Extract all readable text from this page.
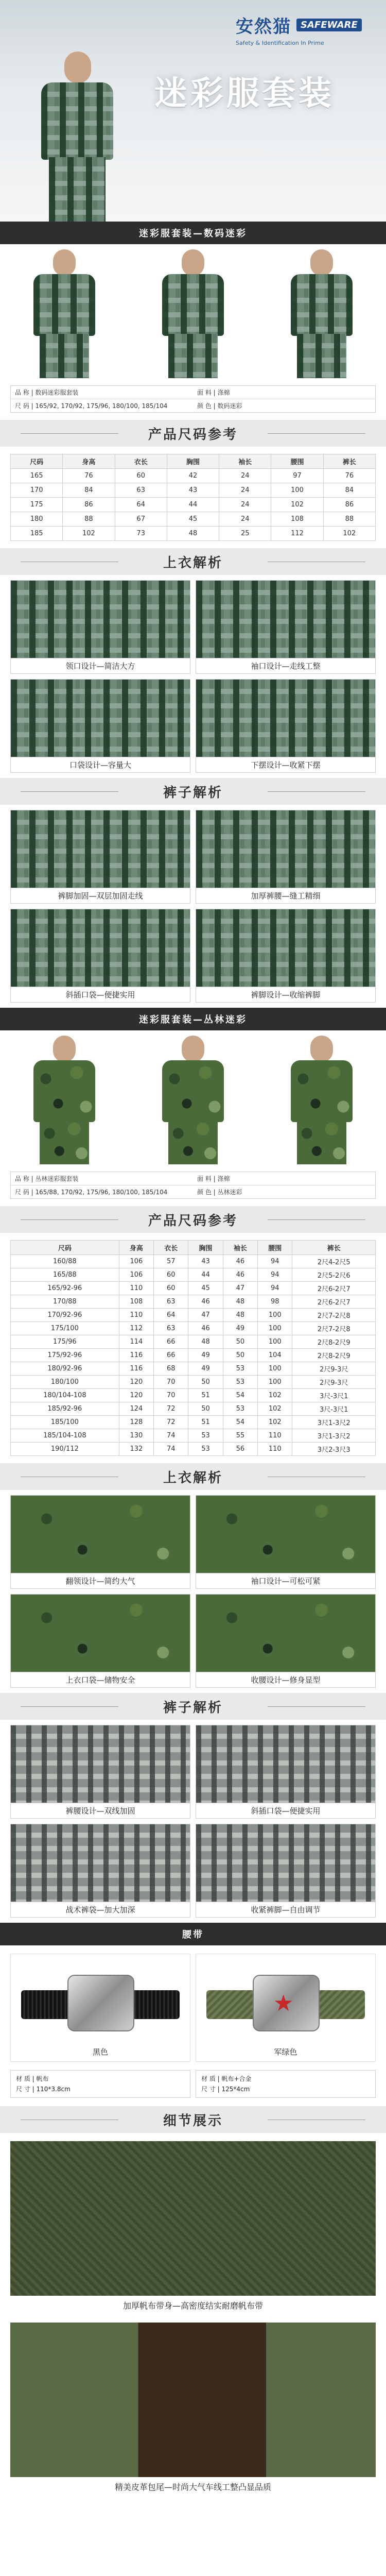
安然猫	SAFEWARE
Safety & Identification In Prime
迷彩服套装
迷彩服套装—数码迷彩
品 称 | 数码迷彩服套装	面 料 | 涤棉
尺 码 | 165/92, 170/92, 175/96, 180/100, 185/104	颜 色 | 数码迷彩
产品尺码参考
尺码	身高	衣长	胸围	袖长	腰围	裤长
165	76	60	42	24	97	76
170	84	63	43	24	100	84
175	86	64	44	24	102	86
180	88	67	45	24	108	88
185	102	73	48	25	112	102
上衣解析
领口设计—简洁大方	袖口设计—走线工整
口袋设计—容量大	下摆设计—收紧下摆
裤子解析
裤脚加固—双层加固走线	加厚裤腰—缝工精细
斜插口袋—便捷实用	裤脚设计—收缩裤脚
迷彩服套装—丛林迷彩
品 称 | 丛林迷彩服套装	面 料 | 涤棉
尺 码 | 165/88, 170/92, 175/96, 180/100, 185/104	颜 色 | 丛林迷彩
产品尺码参考
尺码	身高	衣长	胸围	袖长	腰围	裤长
160/88	106	57	43	46	94	2尺4-2尺5
165/88	106	60	44	46	94	2尺5-2尺6
165/92-96	110	60	45	47	94	2尺6-2尺7
170/88	108	63	46	48	98	2尺6-2尺7
170/92-96	110	64	47	48	100	2尺7-2尺8
175/100	112	63	46	49	100	2尺7-2尺8
175/96	114	66	48	50	100	2尺8-2尺9
175/92-96	116	66	49	50	104	2尺8-2尺9
180/92-96	116	68	49	53	100	2尺9-3尺
180/100	120	70	50	53	100	2尺9-3尺
180/104-108	120	70	51	54	102	3尺-3尺1
185/92-96	124	72	50	53	102	3尺-3尺1
185/100	128	72	51	54	102	3尺1-3尺2
185/104-108	130	74	53	55	110	3尺1-3尺2
190/112	132	74	53	56	110	3尺2-3尺3
上衣解析
翻领设计—简约大气	袖口设计—可松可紧
上衣口袋—储物安全	收腰设计—修身显型
裤子解析
裤腰设计—双线加固	斜插口袋—便捷实用
战术裤袋—加大加深	收紧裤脚—自由调节
腰带
黑色
★
军绿色
材 质 | 帆布
尺 寸 | 110*3.8cm
材 质 | 帆布+合金
尺 寸 | 125*4cm
细节展示
加厚帆布带身—高密度结实耐磨帆布带
精美皮革包尾—时尚大气车线工整凸显品质
